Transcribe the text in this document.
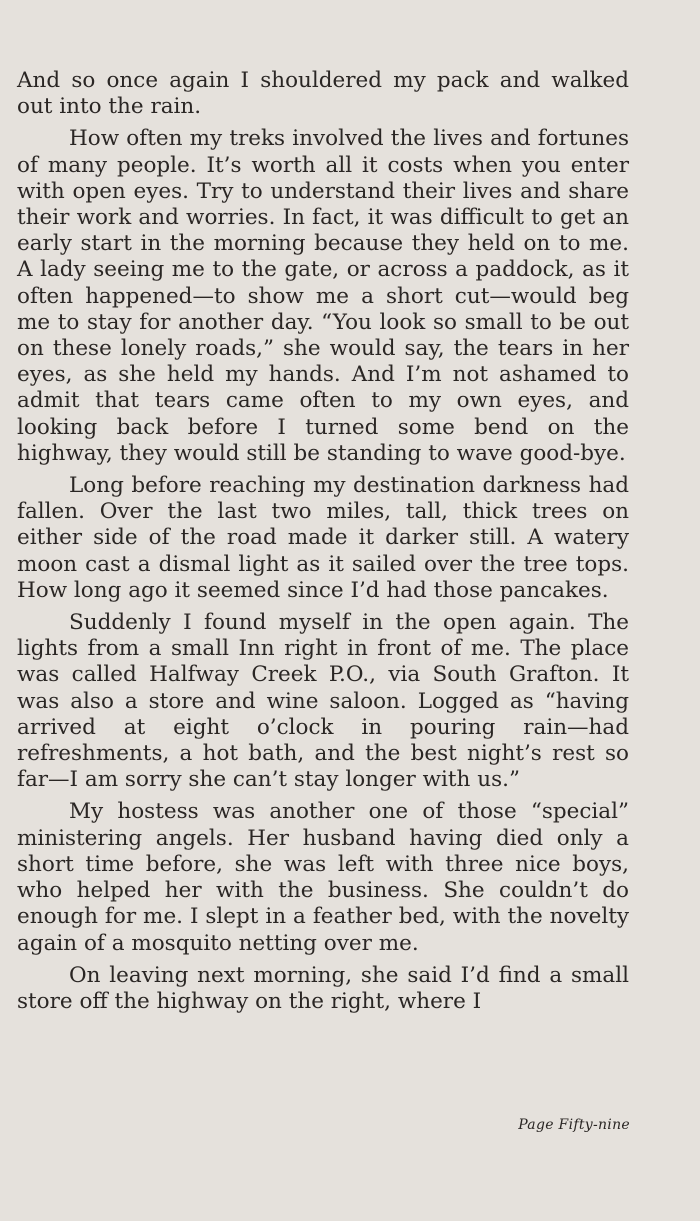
And so once again I shouldered my pack and walked out into the rain.

How often my treks involved the lives and fortunes of many people. It’s worth all it costs when you enter with open eyes. Try to understand their lives and share their work and worries. In fact, it was difficult to get an early start in the morning because they held on to me. A lady seeing me to the gate, or across a paddock, as it often happened—to show me a short cut—would beg me to stay for another day. “You look so small to be out on these lonely roads,” she would say, the tears in her eyes, as she held my hands. And I’m not ashamed to admit that tears came often to my own eyes, and looking back before I turned some bend on the highway, they would still be standing to wave good-bye.

Long before reaching my destination darkness had fallen. Over the last two miles, tall, thick trees on either side of the road made it darker still. A watery moon cast a dismal light as it sailed over the tree tops. How long ago it seemed since I’d had those pancakes.

Suddenly I found myself in the open again. The lights from a small Inn right in front of me. The place was called Halfway Creek P.O., via South Grafton. It was also a store and wine saloon. Logged as “having arrived at eight o’clock in pouring rain—had refreshments, a hot bath, and the best night’s rest so far—I am sorry she can’t stay longer with us.”

My hostess was another one of those “special” ministering angels. Her husband having died only a short time before, she was left with three nice boys, who helped her with the business. She couldn’t do enough for me. I slept in a feather bed, with the novelty again of a mosquito netting over me.

On leaving next morning, she said I’d find a small store off the highway on the right, where I

Page Fifty-nine
